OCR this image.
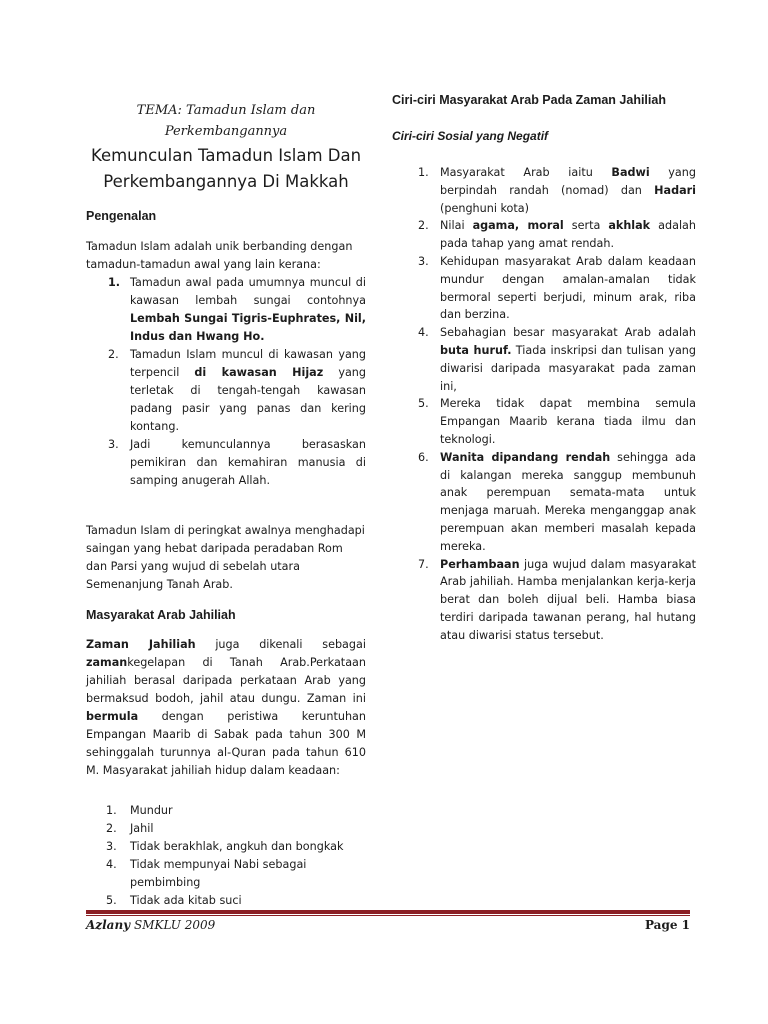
TEMA: Tamadun Islam dan Perkembangannya
Kemunculan Tamadun Islam Dan Perkembangannya Di Makkah
Pengenalan
Tamadun Islam adalah unik berbanding dengan tamadun-tamadun awal yang lain kerana:
1. Tamadun awal pada umumnya muncul di kawasan lembah sungai contohnya Lembah Sungai Tigris-Euphrates, Nil, Indus dan Hwang Ho.
2.	Tamadun Islam muncul di kawasan yang terpencil di kawasan Hijaz yang terletak di tengah-tengah kawasan padang pasir yang panas dan kering kontang.
3.	Jadi kemunculannya berasaskan pemikiran dan kemahiran manusia di samping anugerah Allah.
Tamadun Islam di peringkat awalnya menghadapi saingan yang hebat daripada peradaban Rom dan Parsi yang wujud di sebelah utara Semenanjung Tanah Arab.
Masyarakat Arab Jahiliah
Zaman Jahiliah juga dikenali sebagai zamankegelapan di Tanah Arab.Perkataan jahiliah berasal daripada perkataan Arab yang bermaksud bodoh, jahil atau dungu. Zaman ini bermula dengan peristiwa keruntuhan Empangan Maarib di Sabak pada tahun 300 M sehinggalah turunnya al-Quran pada tahun 610 M. Masyarakat jahiliah hidup dalam keadaan:
1.	Mundur
2.	Jahil
3.	Tidak berakhlak, angkuh dan bongkak
4.	Tidak mempunyai Nabi sebagai pembimbing
5.	Tidak ada kitab suci
Ciri-ciri Masyarakat Arab Pada Zaman Jahiliah
Ciri-ciri Sosial yang Negatif
1.	Masyarakat Arab iaitu Badwi yang berpindah randah (nomad) dan Hadari (penghuni kota)
2.	Nilai agama, moral serta akhlak adalah pada tahap yang amat rendah.
3.	Kehidupan masyarakat Arab dalam keadaan mundur dengan amalan-amalan tidak bermoral seperti berjudi, minum arak, riba dan berzina.
4.	Sebahagian besar masyarakat Arab adalah buta huruf. Tiada inskripsi dan tulisan yang diwarisi daripada masyarakat pada zaman ini,
5.	Mereka tidak dapat membina semula Empangan Maarib kerana tiada ilmu dan teknologi.
6.	Wanita dipandang rendah sehingga ada di kalangan mereka sanggup membunuh anak perempuan semata-mata untuk menjaga maruah. Mereka menganggap anak perempuan akan memberi masalah kepada mereka.
7.	Perhambaan juga wujud dalam masyarakat Arab jahiliah. Hamba menjalankan kerja-kerja berat dan boleh dijual beli. Hamba biasa terdiri daripada tawanan perang, hal hutang atau diwarisi status tersebut.
Azlany SMKLU 2009	Page 1
